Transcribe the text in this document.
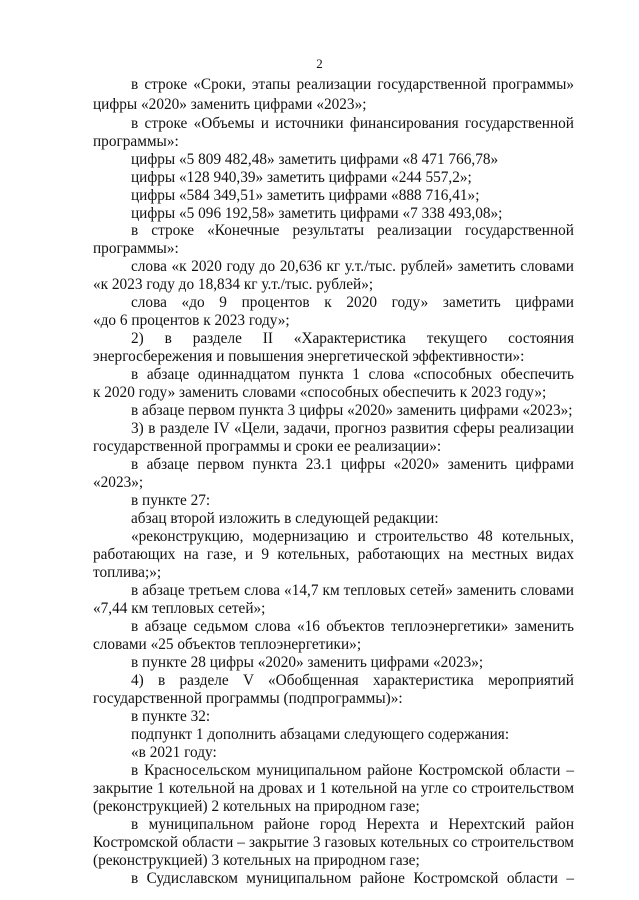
2
в строке «Сроки, этапы реализации государственной программы»
цифры «2020» заменить цифрами «2023»;
в строке «Объемы и источники финансирования государственной
программы»:
цифры «5 809 482,48» заметить цифрами «8 471 766,78»
цифры «128 940,39» заметить цифрами «244 557,2»;
цифры «584 349,51» заметить цифрами «888 716,41»;
цифры «5 096 192,58» заметить цифрами «7 338 493,08»;
в строке «Конечные результаты реализации государственной
программы»:
слова «к 2020 году до 20,636 кг у.т./тыс. рублей» заметить словами
«к 2023 году до 18,834 кг у.т./тыс. рублей»;
слова «до 9 процентов к 2020 году» заметить цифрами
«до 6 процентов к 2023 году»;
2) в разделе II «Характеристика текущего состояния
энергосбережения и повышения энергетической эффективности»:
в абзаце одиннадцатом пункта 1 слова «способных обеспечить
к 2020 году» заменить словами «способных обеспечить к 2023 году»;
в абзаце первом пункта 3 цифры «2020» заменить цифрами «2023»;
3) в разделе IV «Цели, задачи, прогноз развития сферы реализации
государственной программы и сроки ее реализации»:
в абзаце первом пункта 23.1 цифры «2020» заменить цифрами
«2023»;
в пункте 27:
абзац второй изложить в следующей редакции:
«реконструкцию, модернизацию и строительство 48 котельных,
работающих на газе, и 9 котельных, работающих на местных видах
топлива;»;
в абзаце третьем слова «14,7 км тепловых сетей» заменить словами
«7,44 км тепловых сетей»;
в абзаце седьмом слова «16 объектов теплоэнергетики» заменить
словами «25 объектов теплоэнергетики»;
в пункте 28 цифры «2020» заменить цифрами «2023»;
4) в разделе V «Обобщенная характеристика мероприятий
государственной программы (подпрограммы)»:
в пункте 32:
подпункт 1 дополнить абзацами следующего содержания:
«в 2021 году:
в Красносельском муниципальном районе Костромской области –
закрытие 1 котельной на дровах и 1 котельной на угле со строительством
(реконструкцией) 2 котельных на природном газе;
в муниципальном районе город Нерехта и Нерехтский район
Костромской области – закрытие 3 газовых котельных со строительством
(реконструкцией) 3 котельных на природном газе;
в Судиславском муниципальном районе Костромской области –
